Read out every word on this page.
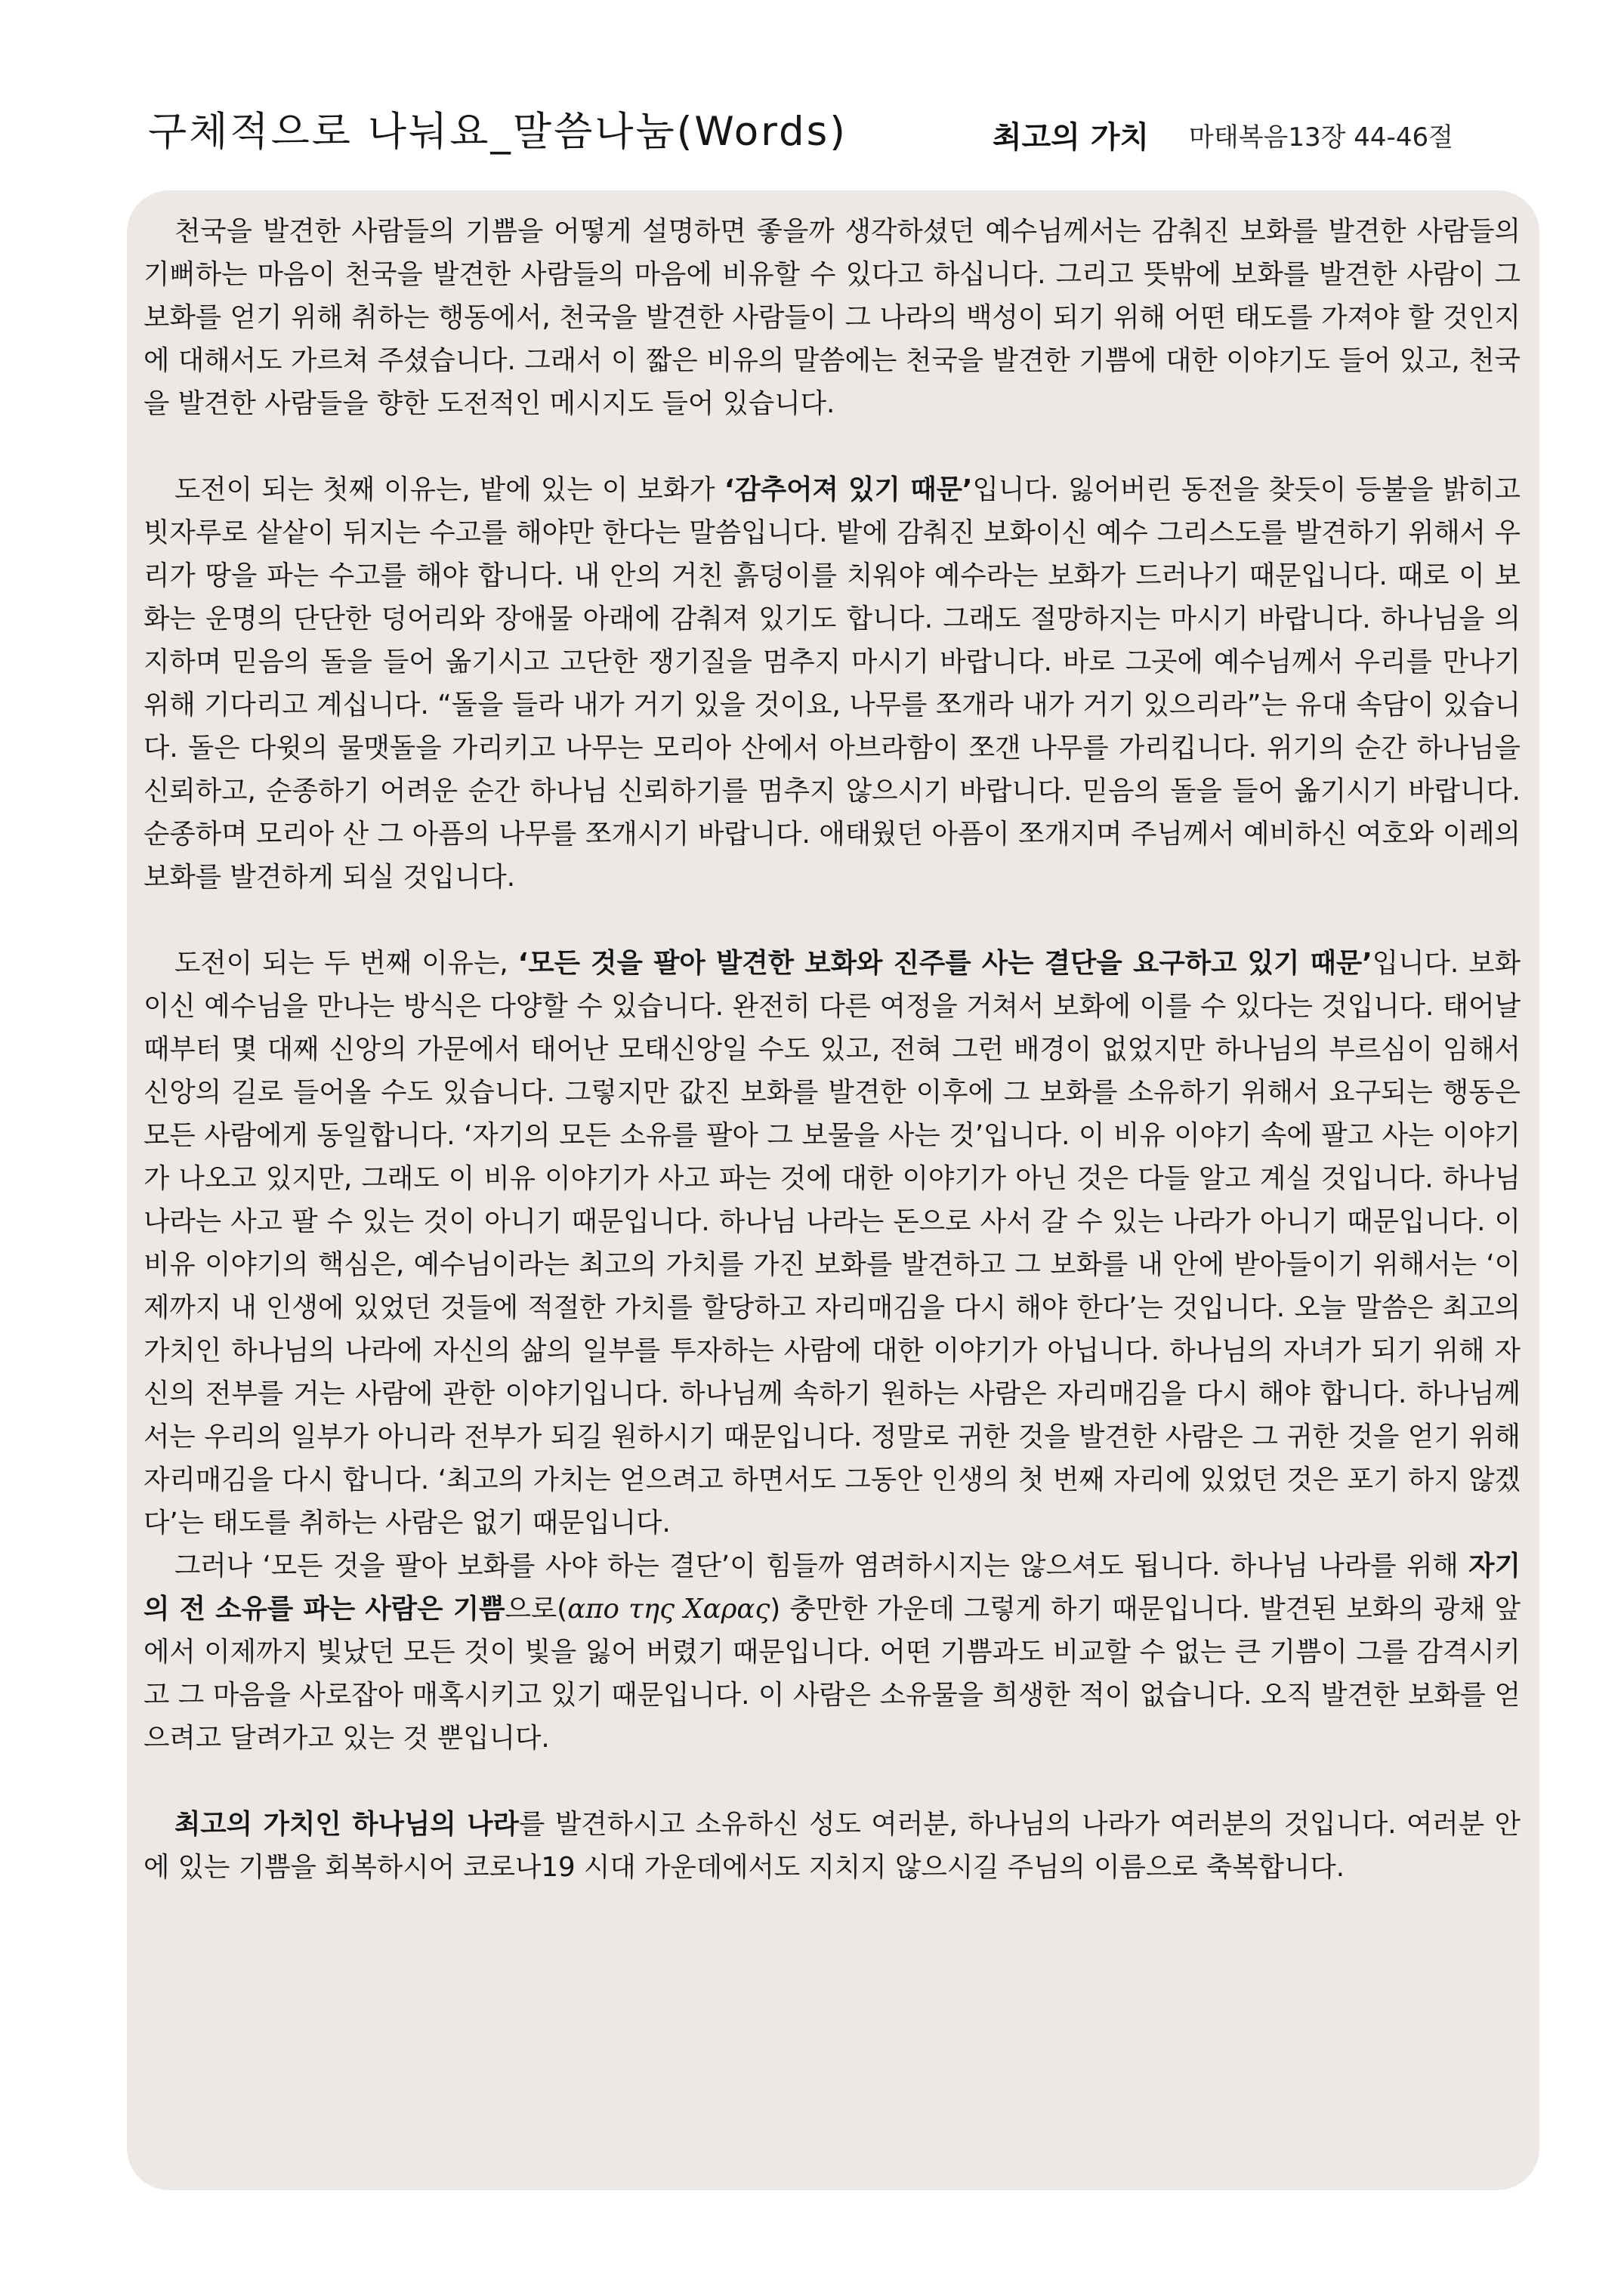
구체적으로 나눠요_말씀나눔(Words)	최고의 가치 마태복음13장 44-46절

천국을 발견한 사람들의 기쁨을 어떻게 설명하면 좋을까 생각하셨던 예수님께서는 감춰진 보화를 발견한 사람들의 기뻐하는 마음이 천국을 발견한 사람들의 마음에 비유할 수 있다고 하십니다. 그리고 뜻밖에 보화를 발견한 사람이 그 보화를 얻기 위해 취하는 행동에서, 천국을 발견한 사람들이 그 나라의 백성이 되기 위해 어떤 태도를 가져야 할 것인지에 대해서도 가르쳐 주셨습니다. 그래서 이 짧은 비유의 말씀에는 천국을 발견한 기쁨에 대한 이야기도 들어 있고, 천국을 발견한 사람들을 향한 도전적인 메시지도 들어 있습니다.

도전이 되는 첫째 이유는, 밭에 있는 이 보화가 ‘감추어져 있기 때문’입니다. 잃어버린 동전을 찾듯이 등불을 밝히고 빗자루로 샅샅이 뒤지는 수고를 해야만 한다는 말씀입니다. 밭에 감춰진 보화이신 예수 그리스도를 발견하기 위해서 우리가 땅을 파는 수고를 해야 합니다. 내 안의 거친 흙덩이를 치워야 예수라는 보화가 드러나기 때문입니다. 때로 이 보화는 운명의 단단한 덩어리와 장애물 아래에 감춰져 있기도 합니다. 그래도 절망하지는 마시기 바랍니다. 하나님을 의지하며 믿음의 돌을 들어 옮기시고 고단한 쟁기질을 멈추지 마시기 바랍니다. 바로 그곳에 예수님께서 우리를 만나기 위해 기다리고 계십니다. “돌을 들라 내가 거기 있을 것이요, 나무를 쪼개라 내가 거기 있으리라”는 유대 속담이 있습니다. 돌은 다윗의 물맷돌을 가리키고 나무는 모리아 산에서 아브라함이 쪼갠 나무를 가리킵니다. 위기의 순간 하나님을 신뢰하고, 순종하기 어려운 순간 하나님 신뢰하기를 멈추지 않으시기 바랍니다. 믿음의 돌을 들어 옮기시기 바랍니다. 순종하며 모리아 산 그 아픔의 나무를 쪼개시기 바랍니다. 애태웠던 아픔이 쪼개지며 주님께서 예비하신 여호와 이레의 보화를 발견하게 되실 것입니다.

도전이 되는 두 번째 이유는, ‘모든 것을 팔아 발견한 보화와 진주를 사는 결단을 요구하고 있기 때문’입니다. 보화이신 예수님을 만나는 방식은 다양할 수 있습니다. 완전히 다른 여정을 거쳐서 보화에 이를 수 있다는 것입니다. 태어날 때부터 몇 대째 신앙의 가문에서 태어난 모태신앙일 수도 있고, 전혀 그런 배경이 없었지만 하나님의 부르심이 임해서 신앙의 길로 들어올 수도 있습니다. 그렇지만 값진 보화를 발견한 이후에 그 보화를 소유하기 위해서 요구되는 행동은 모든 사람에게 동일합니다. ‘자기의 모든 소유를 팔아 그 보물을 사는 것’입니다. 이 비유 이야기 속에 팔고 사는 이야기가 나오고 있지만, 그래도 이 비유 이야기가 사고 파는 것에 대한 이야기가 아닌 것은 다들 알고 계실 것입니다. 하나님 나라는 사고 팔 수 있는 것이 아니기 때문입니다. 하나님 나라는 돈으로 사서 갈 수 있는 나라가 아니기 때문입니다. 이 비유 이야기의 핵심은, 예수님이라는 최고의 가치를 가진 보화를 발견하고 그 보화를 내 안에 받아들이기 위해서는 ‘이제까지 내 인생에 있었던 것들에 적절한 가치를 할당하고 자리매김을 다시 해야 한다’는 것입니다. 오늘 말씀은 최고의 가치인 하나님의 나라에 자신의 삶의 일부를 투자하는 사람에 대한 이야기가 아닙니다. 하나님의 자녀가 되기 위해 자신의 전부를 거는 사람에 관한 이야기입니다. 하나님께 속하기 원하는 사람은 자리매김을 다시 해야 합니다. 하나님께서는 우리의 일부가 아니라 전부가 되길 원하시기 때문입니다. 정말로 귀한 것을 발견한 사람은 그 귀한 것을 얻기 위해 자리매김을 다시 합니다. ‘최고의 가치는 얻으려고 하면서도 그동안 인생의 첫 번째 자리에 있었던 것은 포기 하지 않겠다’는 태도를 취하는 사람은 없기 때문입니다.

그러나 ‘모든 것을 팔아 보화를 사야 하는 결단’이 힘들까 염려하시지는 않으셔도 됩니다. 하나님 나라를 위해 자기의 전 소유를 파는 사람은 기쁨으로(απο της Χαρας) 충만한 가운데 그렇게 하기 때문입니다. 발견된 보화의 광채 앞에서 이제까지 빛났던 모든 것이 빛을 잃어 버렸기 때문입니다. 어떤 기쁨과도 비교할 수 없는 큰 기쁨이 그를 감격시키고 그 마음을 사로잡아 매혹시키고 있기 때문입니다. 이 사람은 소유물을 희생한 적이 없습니다. 오직 발견한 보화를 얻으려고 달려가고 있는 것 뿐입니다.

최고의 가치인 하나님의 나라를 발견하시고 소유하신 성도 여러분, 하나님의 나라가 여러분의 것입니다. 여러분 안에 있는 기쁨을 회복하시어 코로나19 시대 가운데에서도 지치지 않으시길 주님의 이름으로 축복합니다.
